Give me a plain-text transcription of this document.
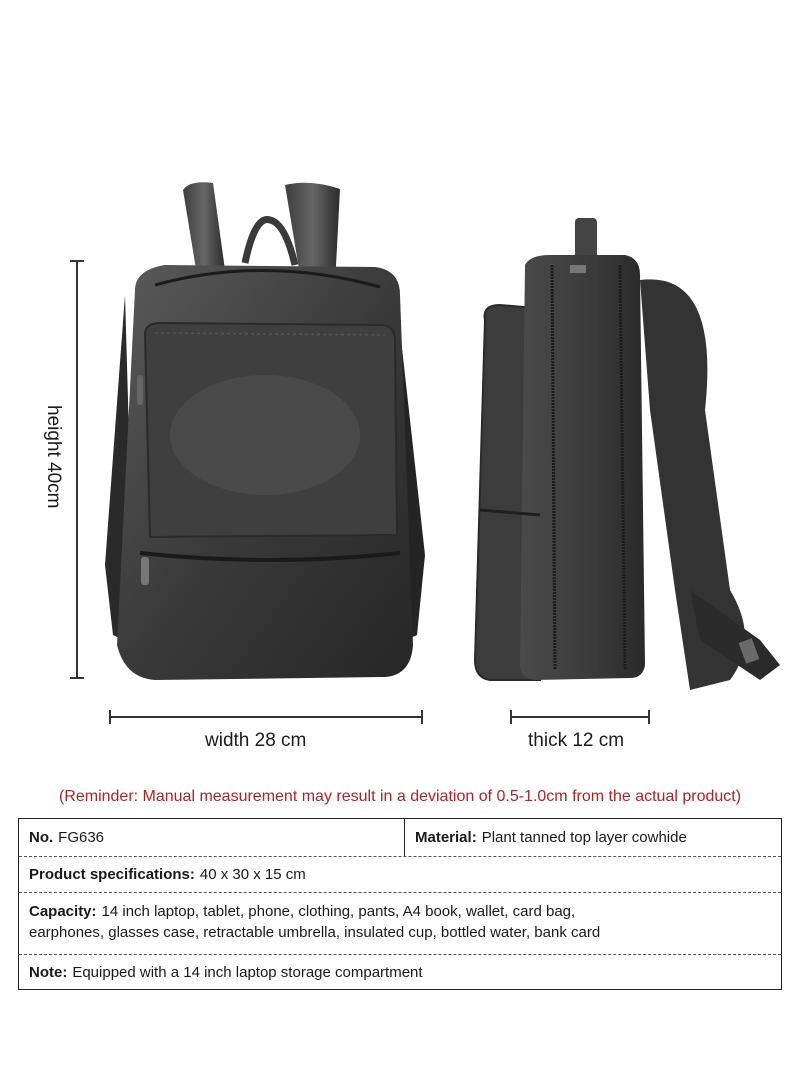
height 40cm
width 28 cm	thick 12 cm
(Reminder: Manual measurement may result in a deviation of 0.5-1.0cm from the actual product)
No. FG636	Material: Plant tanned top layer cowhide
Product specifications: 40 x 30 x 15 cm
Capacity: 14 inch laptop, tablet, phone, clothing, pants, A4 book, wallet, card bag,
earphones, glasses case, retractable umbrella, insulated cup, bottled water, bank card
Note: Equipped with a 14 inch laptop storage compartment
